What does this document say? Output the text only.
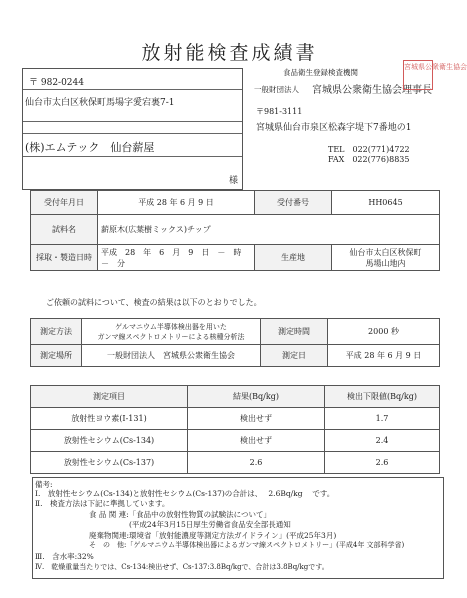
放射能検査成績書
〒 982-0244
仙台市太白区秋保町馬場字愛宕裏7-1
(株)エムテック　仙台薪屋
様
食品衛生登録検査機関
一般財団法人 宮城県公衆衛生協会理事長
宮城県公衆衛生協会
〒981-3111
宮城県仙台市泉区松森字堤下7番地の1
TEL　022(771)4722
FAX　022(776)8835
受付年月日	平成 28 年 6 月 9 日	受付番号	HH0645
試料名	薪原木(広葉樹ミックス)チップ		
採取・製造日時	平成　28　年　6　月　9　日　－　時　－　分	生産地	仙台市太白区秋保町
馬場山地内
ご依頼の試料について、検査の結果は以下のとおりでした。
測定方法	ゲルマニウム半導体検出器を用いた
ガンマ線スペクトロメトリーによる核種分析法	測定時間	2000 秒
測定場所	一般財団法人　宮城県公衆衛生協会	測定日	平成 28 年 6 月 9 日
測定項目	結果(Bq/kg)	検出下限値(Bq/kg)
放射性ヨウ素(I-131)	検出せず	1.7
放射性セシウム(Cs-134)	検出せず	2.4
放射性セシウム(Cs-137)	2.6	2.6
備考:
Ⅰ.　放射性セシウム(Cs-134)と放射性セシウム(Cs-137)の合計は、　 2.6Bq/kg　 です。
Ⅱ.　検査方法は下記に準拠しています。
食 品 関 連:「食品中の放射性物質の試験法について」
(平成24年3月15日厚生労働省食品安全部長通知
廃棄物関連:環境省「放射能濃度等測定方法ガイドライン」(平成25年3月)
そ　の　他:「ゲルマニウム半導体検出器によるガンマ線スペクトロメトリー」(平成4年 文部科学省)
Ⅲ.　含水率:32%
Ⅳ.　乾燥重量当たりでは、Cs-134:検出せず、Cs-137:3.8Bq/kgで、合計は3.8Bq/kgです。
